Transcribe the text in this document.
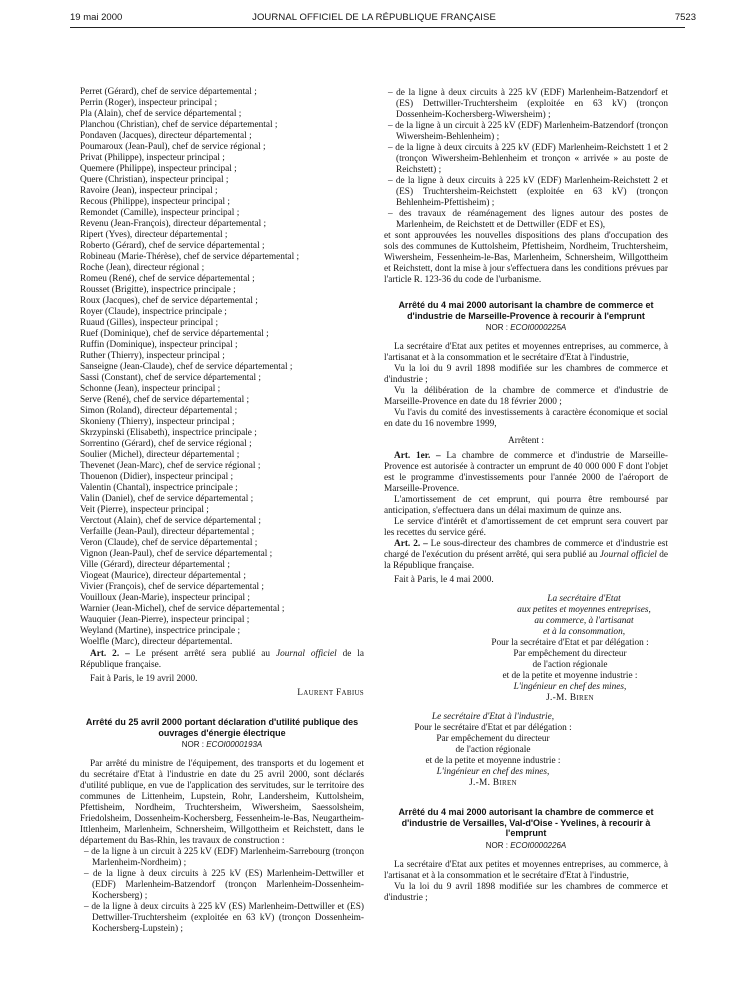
19 mai 2000	JOURNAL OFFICIEL DE LA RÉPUBLIQUE FRANÇAISE	7523
Perret (Gérard), chef de service départemental ;
Perrin (Roger), inspecteur principal ;
Pla (Alain), chef de service départemental ;
Planchou (Christian), chef de service départemental ;
Pondaven (Jacques), directeur départemental ;
Poumaroux (Jean-Paul), chef de service régional ;
Privat (Philippe), inspecteur principal ;
Quemere (Philippe), inspecteur principal ;
Quere (Christian), inspecteur principal ;
Ravoire (Jean), inspecteur principal ;
Recous (Philippe), inspecteur principal ;
Remondet (Camille), inspecteur principal ;
Revenu (Jean-François), directeur départemental ;
Ripert (Yves), directeur départemental ;
Roberto (Gérard), chef de service départemental ;
Robineau (Marie-Thérèse), chef de service départemental ;
Roche (Jean), directeur régional ;
Romeu (René), chef de service départemental ;
Rousset (Brigitte), inspectrice principale ;
Roux (Jacques), chef de service départemental ;
Royer (Claude), inspectrice principale ;
Ruaud (Gilles), inspecteur principal ;
Ruef (Dominique), chef de service départemental ;
Ruffin (Dominique), inspecteur principal ;
Ruther (Thierry), inspecteur principal ;
Sanseigne (Jean-Claude), chef de service départemental ;
Sassi (Constant), chef de service départemental ;
Schonne (Jean), inspecteur principal ;
Serve (René), chef de service départemental ;
Simon (Roland), directeur départemental ;
Skonieny (Thierry), inspecteur principal ;
Skrzypinski (Elisabeth), inspectrice principale ;
Sorrentino (Gérard), chef de service régional ;
Soulier (Michel), directeur départemental ;
Thevenet (Jean-Marc), chef de service régional ;
Thouenon (Didier), inspecteur principal ;
Valentin (Chantal), inspectrice principale ;
Valin (Daniel), chef de service départemental ;
Veit (Pierre), inspecteur principal ;
Verctout (Alain), chef de service départemental ;
Verfaille (Jean-Paul), directeur départemental ;
Veron (Claude), chef de service départemental ;
Vignon (Jean-Paul), chef de service départemental ;
Ville (Gérard), directeur départemental ;
Viogeat (Maurice), directeur départemental ;
Vivier (François), chef de service départemental ;
Vouilloux (Jean-Marie), inspecteur principal ;
Warnier (Jean-Michel), chef de service départemental ;
Wauquier (Jean-Pierre), inspecteur principal ;
Weyland (Martine), inspectrice principale ;
Woelfle (Marc), directeur départemental.

Art. 2. – Le présent arrêté sera publié au Journal officiel de la République française.

Fait à Paris, le 19 avril 2000.

Laurent Fabius

Arrêté du 25 avril 2000 portant déclaration d'utilité publique des ouvrages d'énergie électrique
NOR : ECOI0000193A

Par arrêté du ministre de l'équipement, des transports et du logement et du secrétaire d'Etat à l'industrie en date du 25 avril 2000, sont déclarés d'utilité publique, en vue de l'application des servitudes, sur le territoire des communes de Littenheim, Lupstein, Rohr, Landersheim, Kuttolsheim, Pfettisheim, Nordheim, Truchtersheim, Wiwersheim, Saessolsheim, Friedolsheim, Dossenheim-Kochersberg, Fessenheim-le-Bas, Neugartheim-Ittlenheim, Marlenheim, Schnersheim, Willgottheim et Reichstett, dans le département du Bas-Rhin, les travaux de construction :

– de la ligne à un circuit à 225 kV (EDF) Marlenheim-Sarrebourg (tronçon Marlenheim-Nordheim) ;

– de la ligne à deux circuits à 225 kV (ES) Marlenheim-Dettwiller et (EDF) Marlenheim-Batzendorf (tronçon Marlenheim-Dossenheim-Kochersberg) ;

– de la ligne à deux circuits à 225 kV (ES) Marlenheim-Dettwiller et (ES) Dettwiller-Truchtersheim (exploitée en 63 kV) (tronçon Dossenheim-Kochersberg-Lupstein) ;

– de la ligne à deux circuits à 225 kV (EDF) Marlenheim-Batzendorf et (ES) Dettwiller-Truchtersheim (exploitée en 63 kV) (tronçon Dossenheim-Kochersberg-Wiwersheim) ;

– de la ligne à un circuit à 225 kV (EDF) Marlenheim-Batzendorf (tronçon Wiwersheim-Behlenheim) ;

– de la ligne à deux circuits à 225 kV (EDF) Marlenheim-Reichstett 1 et 2 (tronçon Wiwersheim-Behlenheim et tronçon « arrivée » au poste de Reichstett) ;

– de la ligne à deux circuits à 225 kV (EDF) Marlenheim-Reichstett 2 et (ES) Truchtersheim-Reichstett (exploitée en 63 kV) (tronçon Behlenheim-Pfettisheim) ;

– des travaux de réaménagement des lignes autour des postes de Marlenheim, de Reichstett et de Dettwiller (EDF et ES),

et sont approuvées les nouvelles dispositions des plans d'occupation des sols des communes de Kuttolsheim, Pfettisheim, Nordheim, Truchtersheim, Wiwersheim, Fessenheim-le-Bas, Marlenheim, Schnersheim, Willgottheim et Reichstett, dont la mise à jour s'effectuera dans les conditions prévues par l'article R. 123-36 du code de l'urbanisme.

Arrêté du 4 mai 2000 autorisant la chambre de commerce et d'industrie de Marseille-Provence à recourir à l'emprunt
NOR : ECOI0000225A

La secrétaire d'Etat aux petites et moyennes entreprises, au commerce, à l'artisanat et à la consommation et le secrétaire d'Etat à l'industrie,

Vu la loi du 9 avril 1898 modifiée sur les chambres de commerce et d'industrie ;

Vu la délibération de la chambre de commerce et d'industrie de Marseille-Provence en date du 18 février 2000 ;

Vu l'avis du comité des investissements à caractère économique et social en date du 16 novembre 1999,

Arrêtent :

Art. 1er. – La chambre de commerce et d'industrie de Marseille-Provence est autorisée à contracter un emprunt de 40 000 000 F dont l'objet est le programme d'investissements pour l'année 2000 de l'aéroport de Marseille-Provence.

L'amortissement de cet emprunt, qui pourra être remboursé par anticipation, s'effectuera dans un délai maximum de quinze ans.

Le service d'intérêt et d'amortissement de cet emprunt sera couvert par les recettes du service géré.

Art. 2. – Le sous-directeur des chambres de commerce et d'industrie est chargé de l'exécution du présent arrêté, qui sera publié au Journal officiel de la République française.

Fait à Paris, le 4 mai 2000.

La secrétaire d'Etat

aux petites et moyennes entreprises,

au commerce, à l'artisanat

et à la consommation,

Pour la secrétaire d'Etat et par délégation :

Par empêchement du directeur

de l'action régionale

et de la petite et moyenne industrie :

L'ingénieur en chef des mines,

J.-M. Biren

Le secrétaire d'Etat à l'industrie,

Pour le secrétaire d'Etat et par délégation :

Par empêchement du directeur

de l'action régionale

et de la petite et moyenne industrie :

L'ingénieur en chef des mines,

J.-M. Biren

Arrêté du 4 mai 2000 autorisant la chambre de commerce et d'industrie de Versailles, Val-d'Oise - Yvelines, à recourir à l'emprunt
NOR : ECOI0000226A

La secrétaire d'Etat aux petites et moyennes entreprises, au commerce, à l'artisanat et à la consommation et le secrétaire d'Etat à l'industrie,

Vu la loi du 9 avril 1898 modifiée sur les chambres de commerce et d'industrie ;
